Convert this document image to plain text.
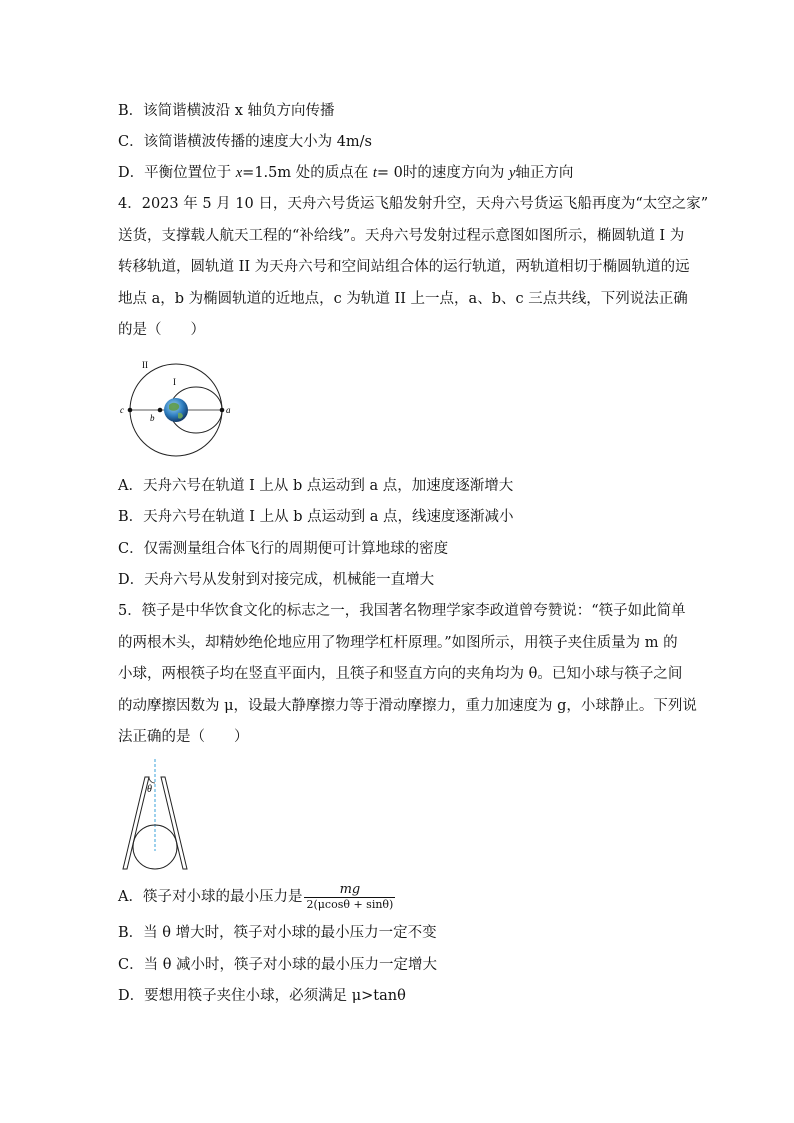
B．该简谐横波沿 x 轴负方向传播
C．该简谐横波传播的速度大小为 4m/s
D．平衡位置位于 x=1.5m 处的质点在 t= 0时的速度方向为 y轴正方向
4．2023 年 5 月 10 日，天舟六号货运飞船发射升空，天舟六号货运飞船再度为“太空之家”
送货，支撑载人航天工程的“补给线”。天舟六号发射过程示意图如图所示，椭圆轨道 I 为
转移轨道，圆轨道 II 为天舟六号和空间站组合体的运行轨道，两轨道相切于椭圆轨道的远
地点 a，b 为椭圆轨道的近地点，c 为轨道 II 上一点，a、b、c 三点共线，下列说法正确
的是（　　）
II
I
c
b
a
A．天舟六号在轨道 I 上从 b 点运动到 a 点，加速度逐渐增大
B．天舟六号在轨道 I 上从 b 点运动到 a 点，线速度逐渐减小
C．仅需测量组合体飞行的周期便可计算地球的密度
D．天舟六号从发射到对接完成，机械能一直增大
5．筷子是中华饮食文化的标志之一，我国著名物理学家李政道曾夸赞说：“筷子如此简单
的两根木头，却精妙绝伦地应用了物理学杠杆原理。”如图所示，用筷子夹住质量为 m 的
小球，两根筷子均在竖直平面内，且筷子和竖直方向的夹角均为 θ。已知小球与筷子之间
的动摩擦因数为 μ，设最大静摩擦力等于滑动摩擦力，重力加速度为 g，小球静止。下列说
法正确的是（　　）
θ
A．筷子对小球的最小压力是 $\frac{mg}{2(\mu\cos\theta + \sin\theta)}$
B．当 θ 增大时，筷子对小球的最小压力一定不变
C．当 θ 减小时，筷子对小球的最小压力一定增大
D．要想用筷子夹住小球，必须满足 μ>tanθ
